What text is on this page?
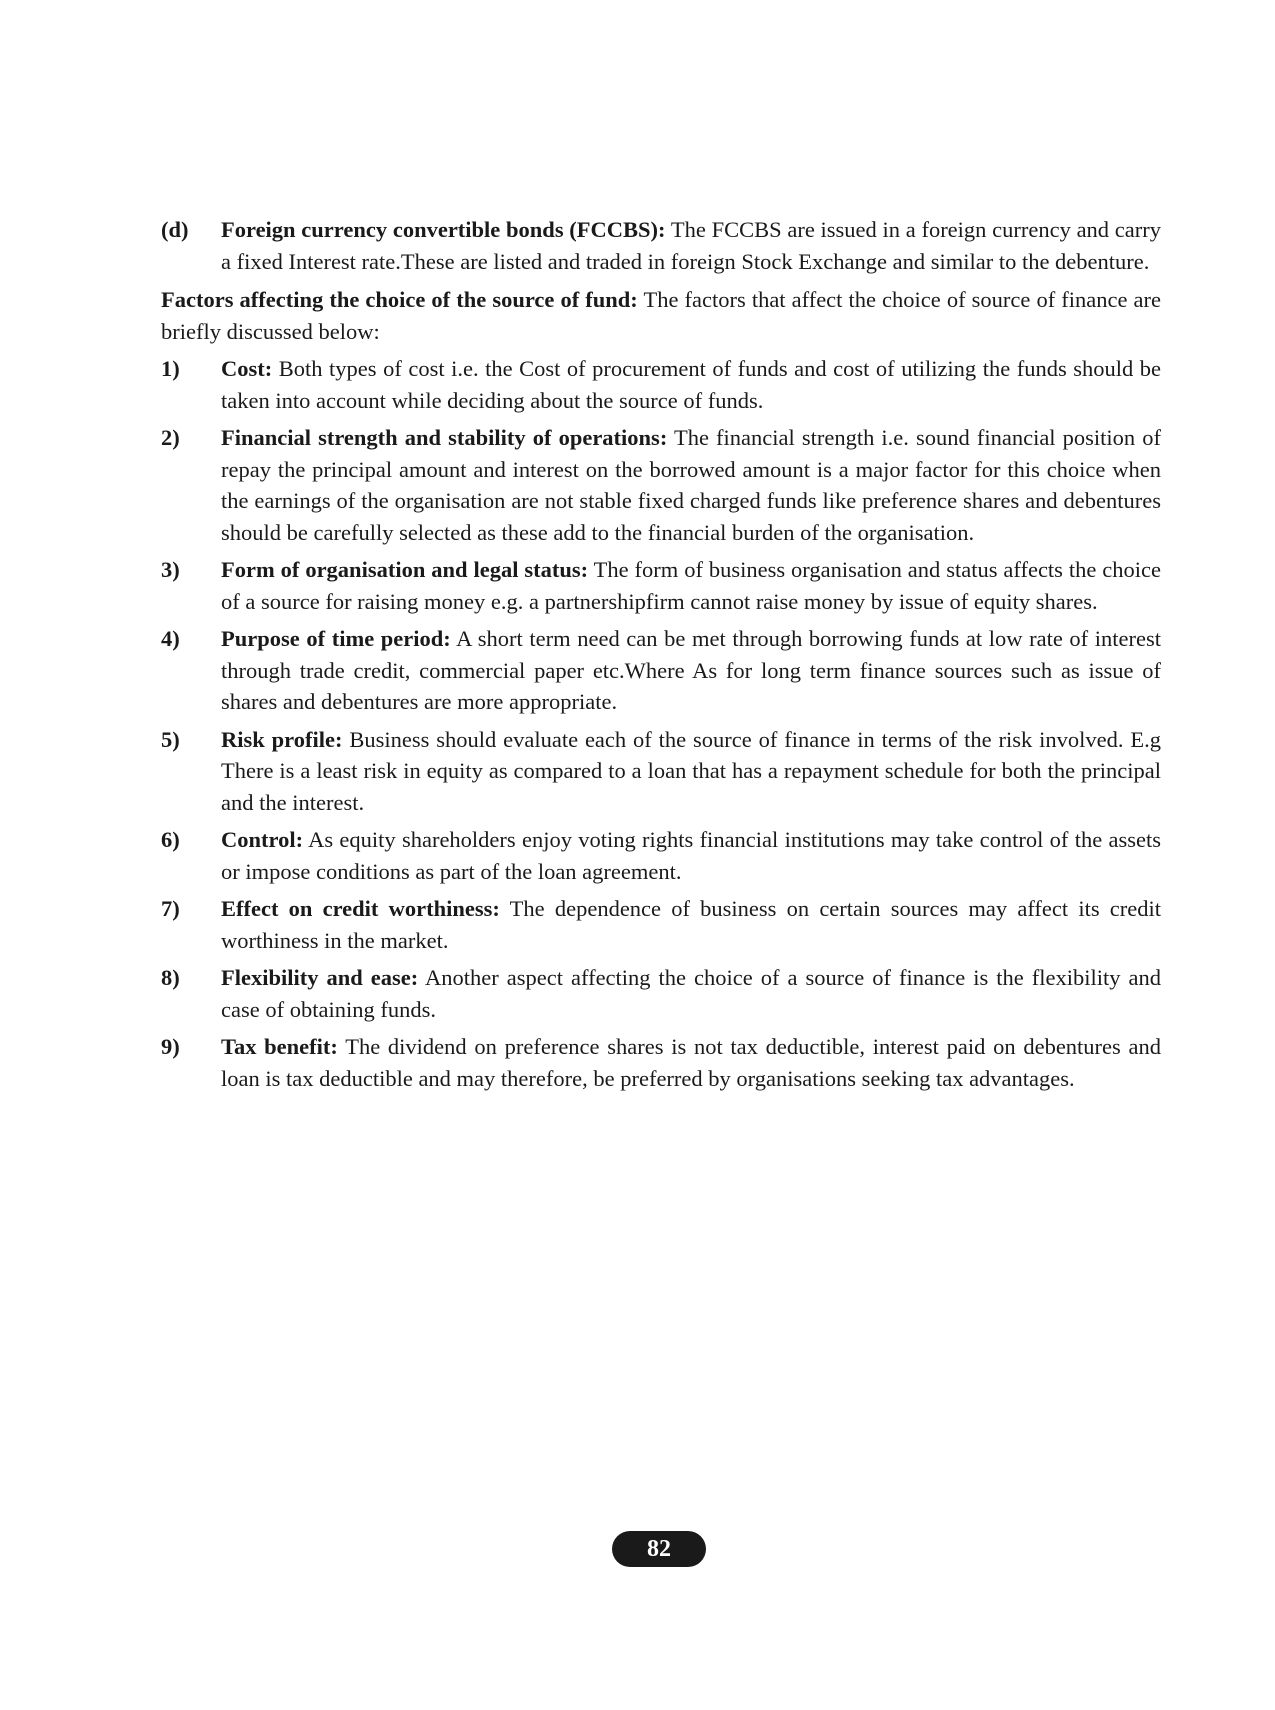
(d)	Foreign currency convertible bonds (FCCBS): The FCCBS are issued in a foreign currency and carry a fixed Interest rate.These are listed and traded in foreign Stock Exchange and similar to the debenture.
Factors affecting the choice of the source of fund: The factors that affect the choice of source of finance are briefly discussed below:
1)	Cost: Both types of cost i.e. the Cost of procurement of funds and cost of utilizing the funds should be taken into account while deciding about the source of funds.
2)	Financial strength and stability of operations: The financial strength i.e. sound financial position of repay the principal amount and interest on the borrowed amount is a major factor for this choice when the earnings of the organisation are not stable fixed charged funds like preference shares and debentures should be carefully selected as these add to the financial burden of the organisation.
3)	Form of organisation and legal status: The form of business organisation and status affects the choice of a source for raising money e.g. a partnershipfirm cannot raise money by issue of equity shares.
4)	Purpose of time period: A short term need can be met through borrowing funds at low rate of interest through trade credit, commercial paper etc.Where As for long term finance sources such as issue of shares and debentures are more appropriate.
5)	Risk profile: Business should evaluate each of the source of finance in terms of the risk involved. E.g There is a least risk in equity as compared to a loan that has a repayment schedule for both the principal and the interest.
6)	Control: As equity shareholders enjoy voting rights financial institutions may take control of the assets or impose conditions as part of the loan agreement.
7)	Effect on credit worthiness: The dependence of business on certain sources may affect its credit worthiness in the market.
8)	Flexibility and ease: Another aspect affecting the choice of a source of finance is the flexibility and case of obtaining funds.
9)	Tax benefit: The dividend on preference shares is not tax deductible, interest paid on debentures and loan is tax deductible and may therefore, be preferred by organisations seeking tax advantages.
82
